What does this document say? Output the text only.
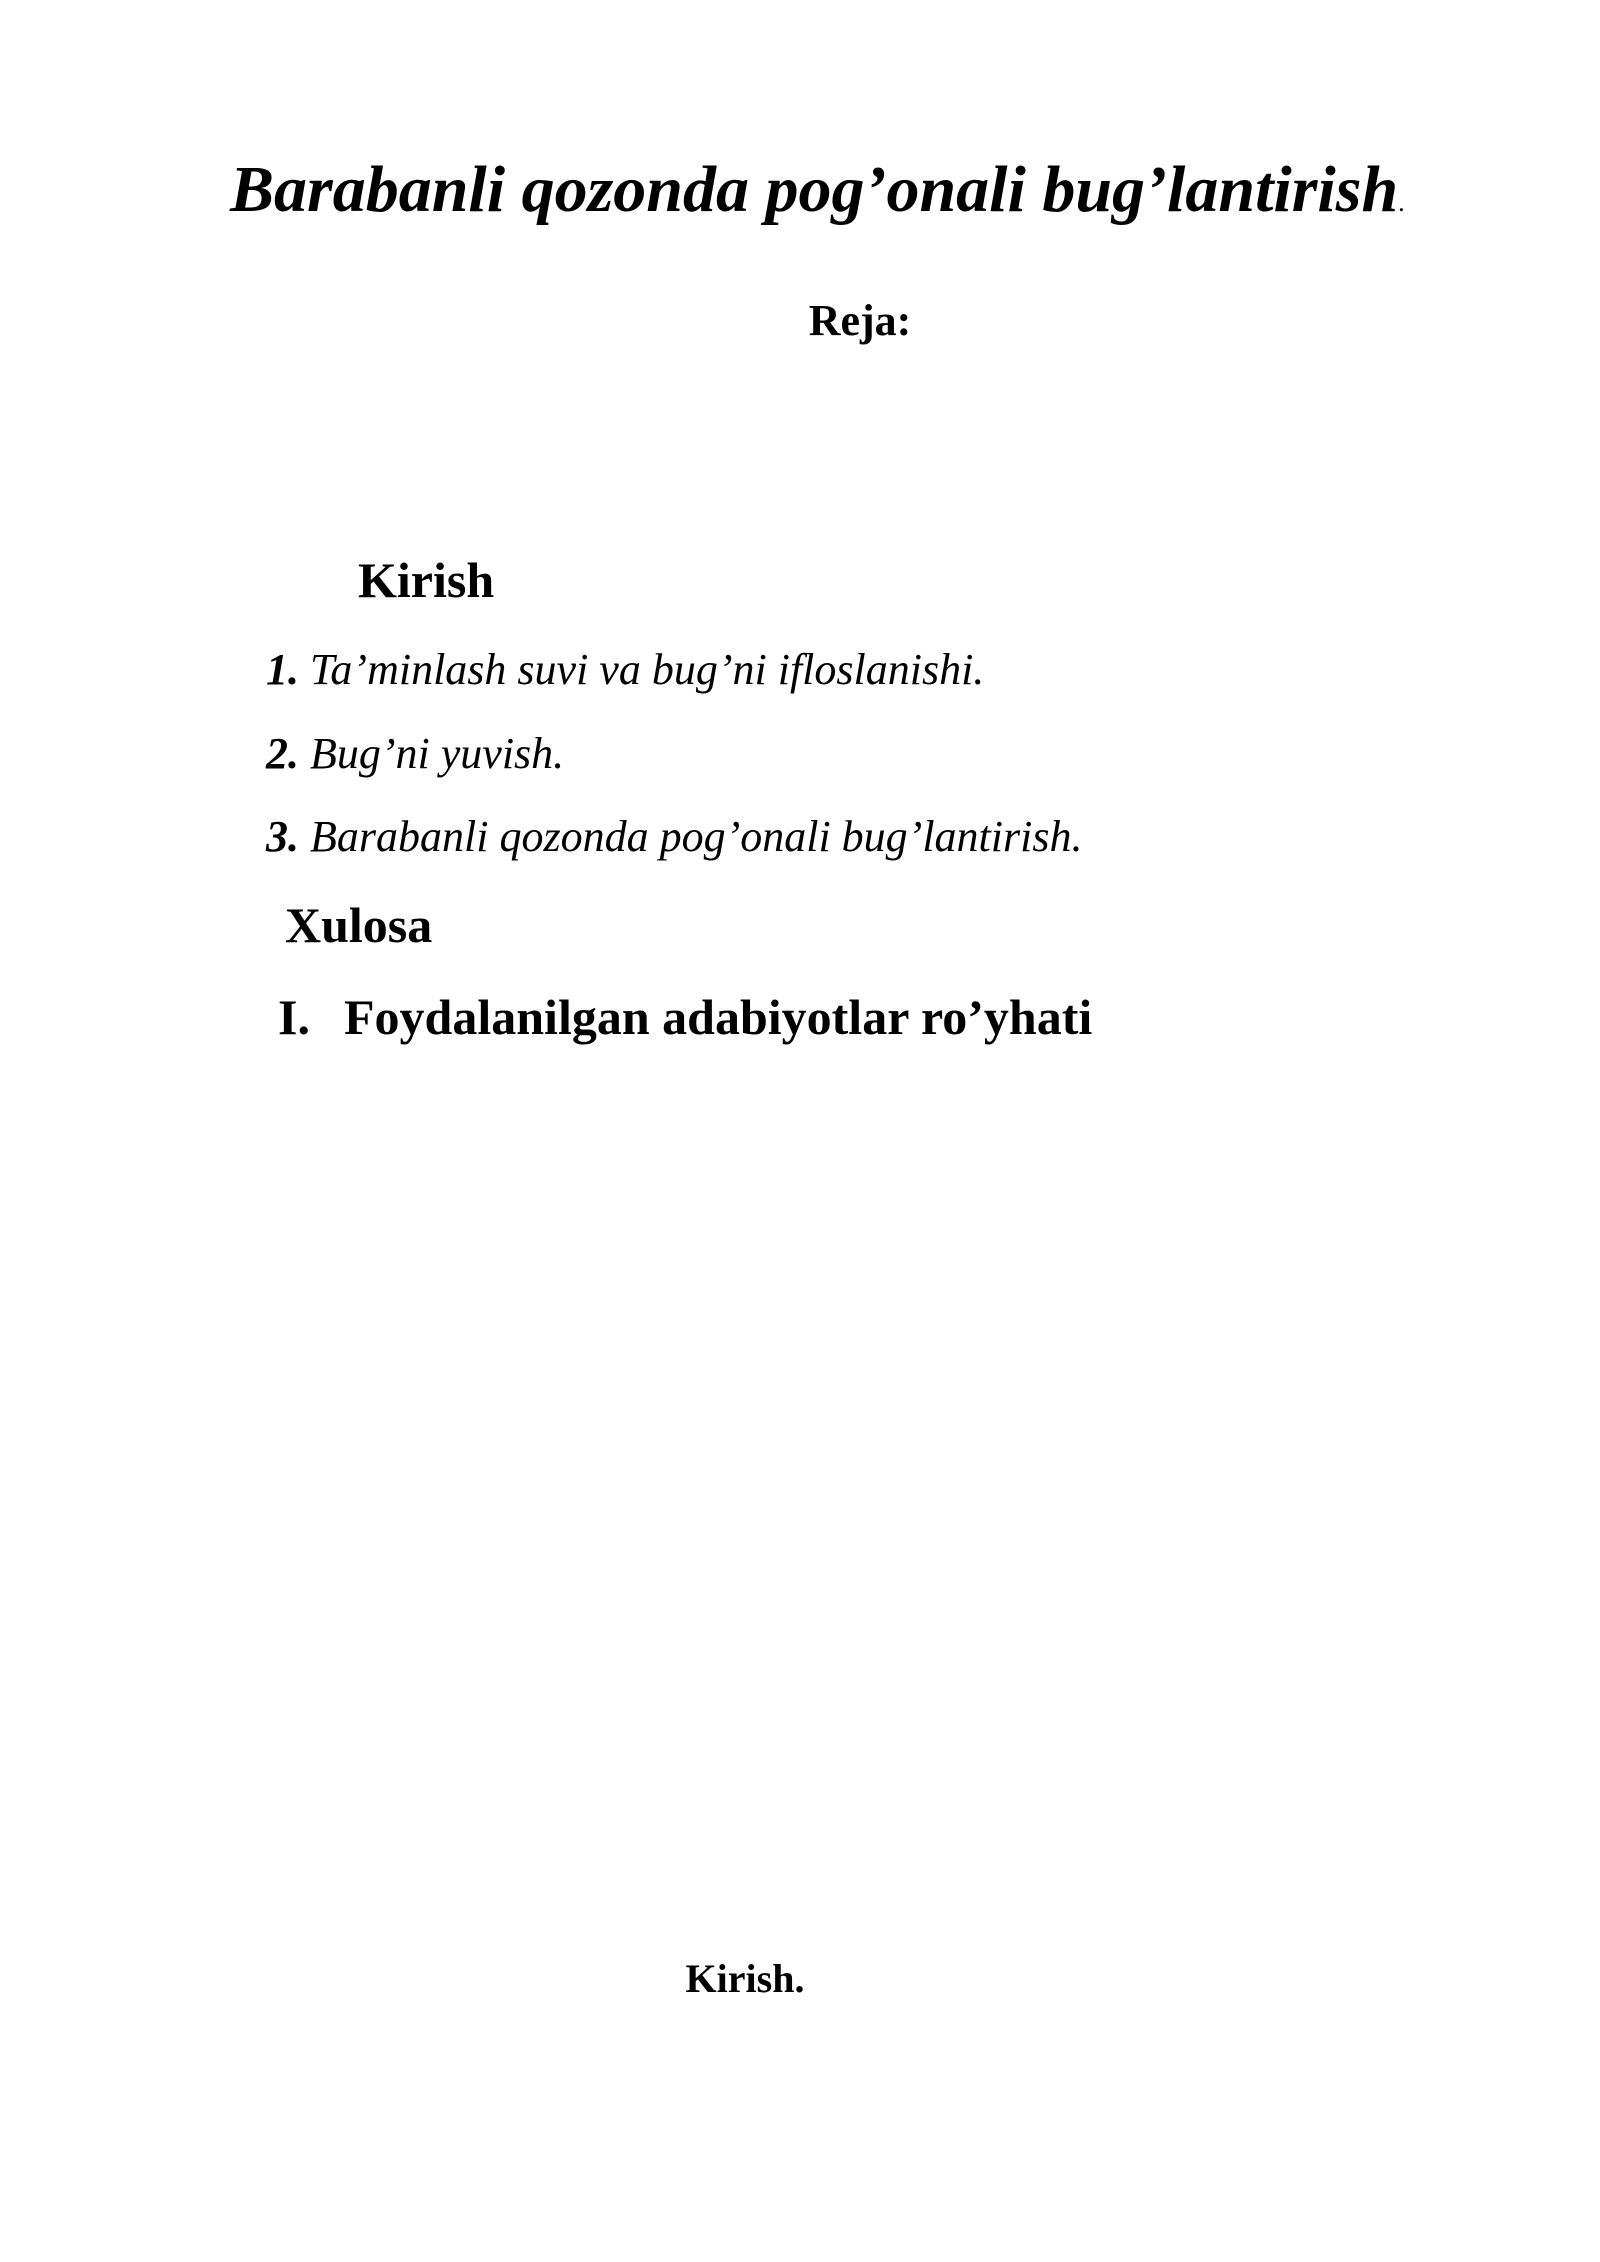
Barabanli qozonda pog’onali bug’lantirish.
Reja:
Kirish
1. Ta’minlash suvi va bug’ni ifloslanishi.
2. Bug’ni yuvish.
3. Barabanli qozonda pog’onali bug’lantirish.
Xulosa
I. Foydalanilgan adabiyotlar ro’yhati
Kirish.
